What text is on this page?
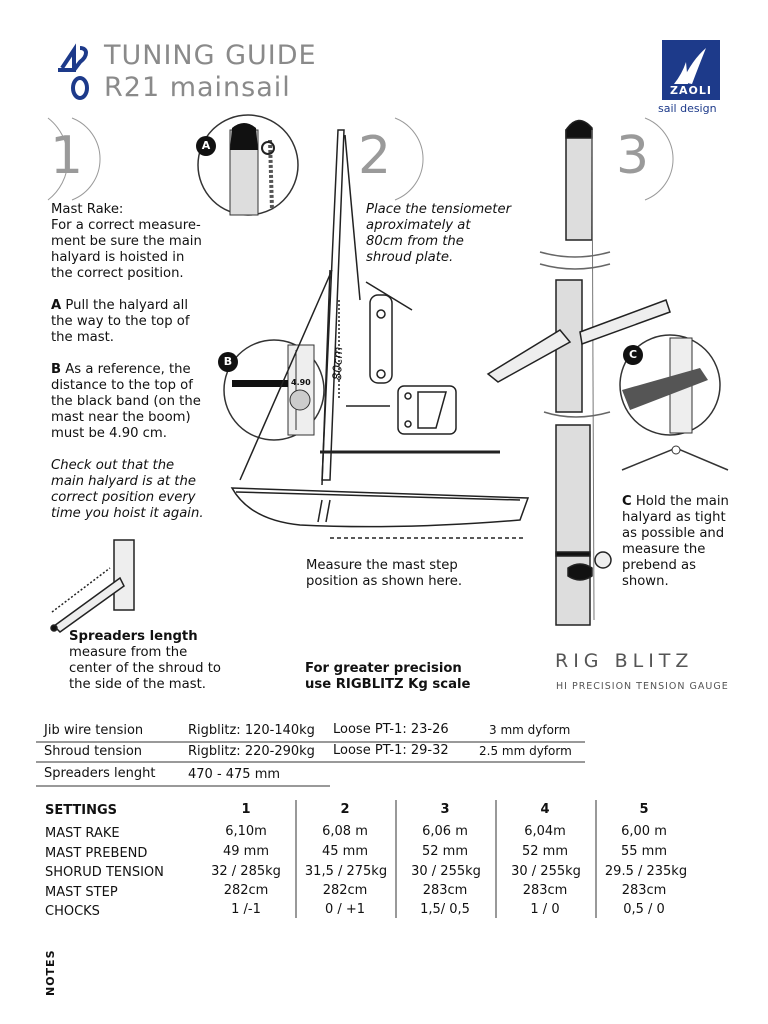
TUNING GUIDE
R21 mainsail	ZAOLI
sail design
1	2	3
A
B
C
4.90
80cm
Mast Rake:
For a correct measure-
ment be sure the main
halyard is hoisted in
the correct position.
A Pull the halyard all
the way to the top of
the mast.
B As a reference, the
distance to the top of
the black band (on the
mast near the boom)
must be 4.90 cm.
Check out that the
main halyard is at the
correct position every
time you hoist it again.
Place the tensiometer
aproximately at
80cm from the
shroud plate.
Measure the mast step
position as shown here.
C Hold the main
halyard as tight
as possible and
measure the
prebend as
shown.
Spreaders length
measure from the
center of the shroud to
the side of the mast.
For greater precision
use RIGBLITZ Kg scale
RIG BLITZ
HI PRECISION TENSION GAUGE
Jib wire tension	Rigblitz: 120-140kg Loose PT-1: 23-26	3 mm dyform
Shroud tension	Rigblitz: 220-290kg Loose PT-1: 29-32	2.5 mm dyform
Spreaders lenght	470 - 475 mm
SETTINGS	1	2	3	4	5
MAST RAKE	6,10m	6,08 m	6,06 m	6,04m	6,00 m
MAST PREBEND	49 mm	45 mm	52 mm	52 mm	55 mm
SHORUD TENSION	32 / 285kg	31,5 / 275kg	30 / 255kg	30 / 255kg	29.5 / 235kg
MAST STEP	282cm	282cm	283cm	283cm	283cm
CHOCKS	1 /-1	0 / +1	1,5/ 0,5	1 / 0	0,5 / 0
NOTES
